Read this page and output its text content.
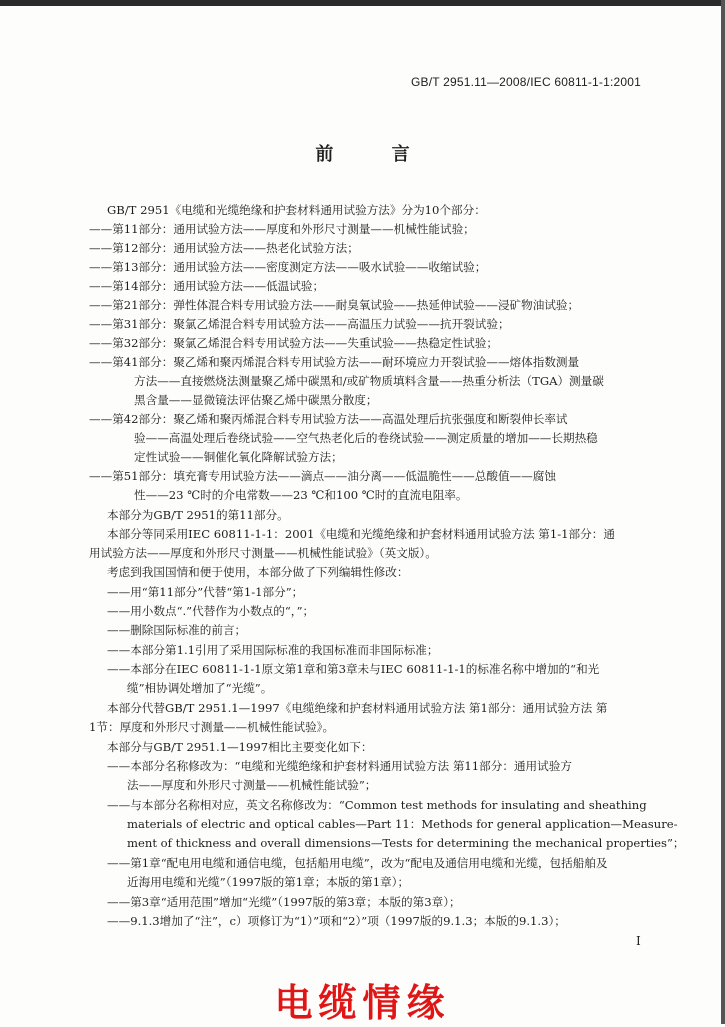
GB/T 2951.11—2008/IEC 60811-1-1:2001
前 言
GB/T 2951《电缆和光缆绝缘和护套材料通用试验方法》分为10个部分：
——第11部分：通用试验方法——厚度和外形尺寸测量——机械性能试验；
——第12部分：通用试验方法——热老化试验方法；
——第13部分：通用试验方法——密度测定方法——吸水试验——收缩试验；
——第14部分：通用试验方法——低温试验；
——第21部分：弹性体混合料专用试验方法——耐臭氧试验——热延伸试验——浸矿物油试验；
——第31部分：聚氯乙烯混合料专用试验方法——高温压力试验——抗开裂试验；
——第32部分：聚氯乙烯混合料专用试验方法——失重试验——热稳定性试验；
——第41部分：聚乙烯和聚丙烯混合料专用试验方法——耐环境应力开裂试验——熔体指数测量
方法——直接燃烧法测量聚乙烯中碳黑和/或矿物质填料含量——热重分析法（TGA）测量碳
黑含量——显微镜法评估聚乙烯中碳黑分散度；
——第42部分：聚乙烯和聚丙烯混合料专用试验方法——高温处理后抗张强度和断裂伸长率试
验——高温处理后卷绕试验——空气热老化后的卷绕试验——测定质量的增加——长期热稳
定性试验——铜催化氧化降解试验方法；
——第51部分：填充膏专用试验方法——滴点——油分离——低温脆性——总酸值——腐蚀
性——23 ℃时的介电常数——23 ℃和100 ℃时的直流电阻率。
本部分为GB/T 2951的第11部分。
本部分等同采用IEC 60811-1-1：2001《电缆和光缆绝缘和护套材料通用试验方法 第1-1部分：通
用试验方法——厚度和外形尺寸测量——机械性能试验》（英文版）。
考虑到我国国情和便于使用，本部分做了下列编辑性修改：
——用“第11部分”代替“第1-1部分”；
——用小数点“.”代替作为小数点的“，”；
——删除国际标准的前言；
——本部分第1.1引用了采用国际标准的我国标准而非国际标准；
——本部分在IEC 60811-1-1原文第1章和第3章未与IEC 60811-1-1的标准名称中增加的“和光
缆”相协调处增加了“光缆”。
本部分代替GB/T 2951.1—1997《电缆绝缘和护套材料通用试验方法 第1部分：通用试验方法 第
1节：厚度和外形尺寸测量——机械性能试验》。
本部分与GB/T 2951.1—1997相比主要变化如下：
——本部分名称修改为：“电缆和光缆绝缘和护套材料通用试验方法 第11部分：通用试验方
法——厚度和外形尺寸测量——机械性能试验”；
——与本部分名称相对应，英文名称修改为：“Common test methods for insulating and sheathing
materials of electric and optical cables—Part 11：Methods for general application—Measure-
ment of thickness and overall dimensions—Tests for determining the mechanical properties”；
——第1章“配电用电缆和通信电缆，包括船用电缆”，改为“配电及通信用电缆和光缆，包括船舶及
近海用电缆和光缆”（1997版的第1章；本版的第1章）；
——第3章“适用范围”增加“光缆”（1997版的第3章；本版的第3章）；
——9.1.3增加了“注”，c）项修订为“1）”项和“2）”项（1997版的9.1.3；本版的9.1.3）；
I
电缆情缘
